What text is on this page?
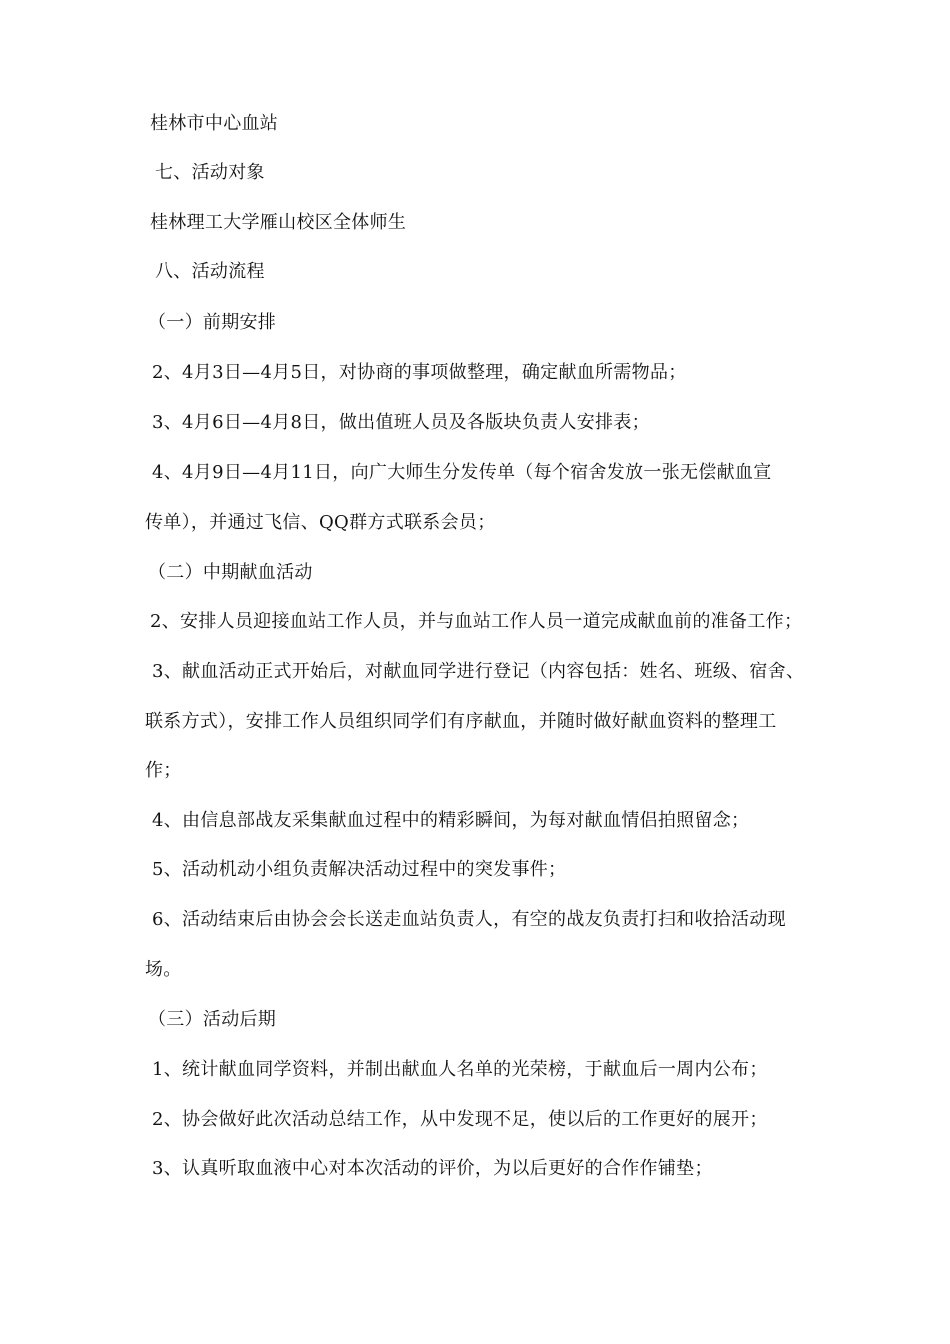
桂林市中心血站
七、活动对象
桂林理工大学雁山校区全体师生
八、活动流程
（一）前期安排
2、4月3日—4月5日，对协商的事项做整理，确定献血所需物品；
3、4月6日—4月8日，做出值班人员及各版块负责人安排表；
4、4月9日—4月11日，向广大师生分发传单（每个宿舍发放一张无偿献血宣
传单），并通过飞信、QQ群方式联系会员；
（二）中期献血活动
2、安排人员迎接血站工作人员，并与血站工作人员一道完成献血前的准备工作；
3、献血活动正式开始后，对献血同学进行登记（内容包括：姓名、班级、宿舍、
联系方式），安排工作人员组织同学们有序献血，并随时做好献血资料的整理工
作；
4、由信息部战友采集献血过程中的精彩瞬间，为每对献血情侣拍照留念；
5、活动机动小组负责解决活动过程中的突发事件；
6、活动结束后由协会会长送走血站负责人，有空的战友负责打扫和收拾活动现
场。
（三）活动后期
1、统计献血同学资料，并制出献血人名单的光荣榜，于献血后一周内公布；
2、协会做好此次活动总结工作，从中发现不足，使以后的工作更好的展开；
3、认真听取血液中心对本次活动的评价，为以后更好的合作作铺垫；
